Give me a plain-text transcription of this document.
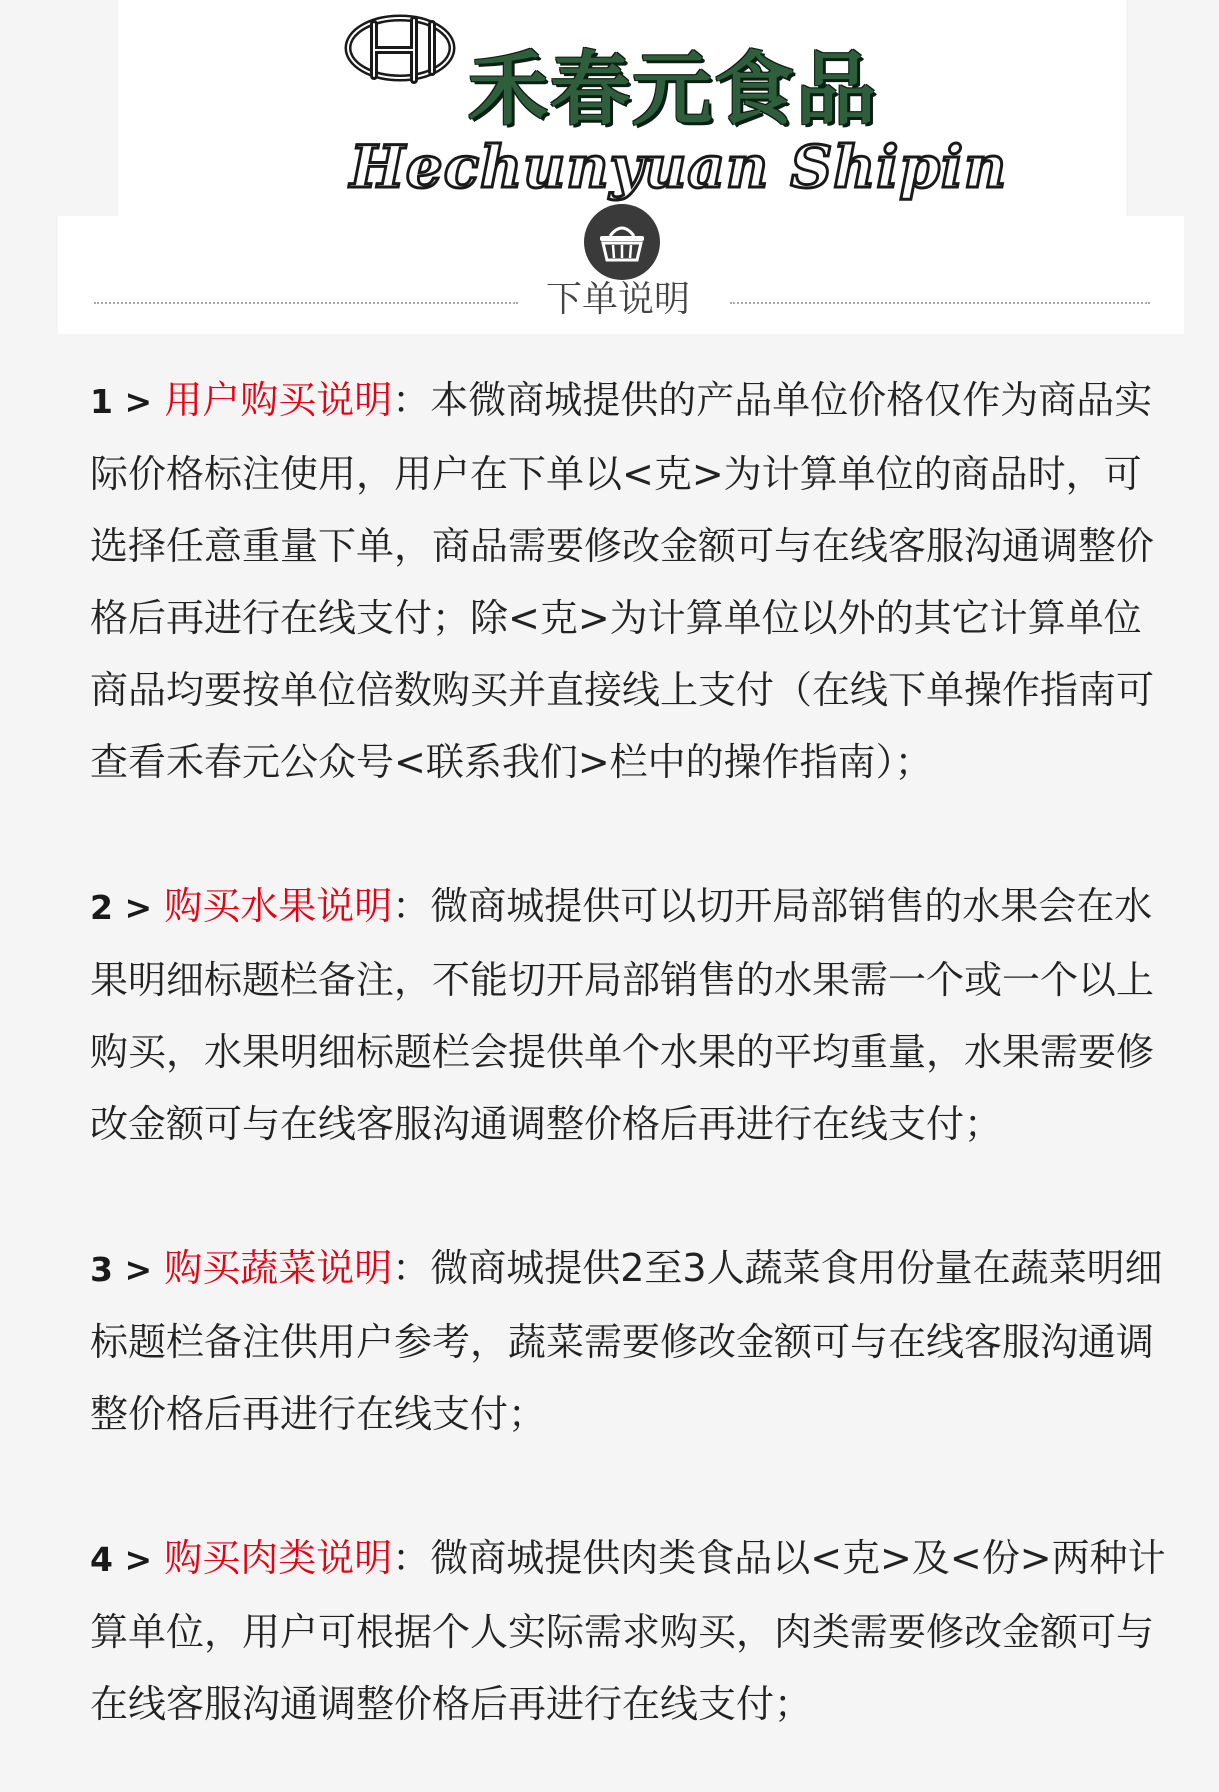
禾春元食品
Hechunyuan Shipin
下单说明

1 > 用户购买说明：本微商城提供的产品单位价格仅作为商品实际价格标注使用，用户在下单以<克>为计算单位的商品时，可选择任意重量下单，商品需要修改金额可与在线客服沟通调整价格后再进行在线支付；除<克>为计算单位以外的其它计算单位商品均要按单位倍数购买并直接线上支付（在线下单操作指南可查看禾春元公众号<联系我们>栏中的操作指南）；

2 > 购买水果说明：微商城提供可以切开局部销售的水果会在水果明细标题栏备注，不能切开局部销售的水果需一个或一个以上购买，水果明细标题栏会提供单个水果的平均重量，水果需要修改金额可与在线客服沟通调整价格后再进行在线支付；

3 > 购买蔬菜说明：微商城提供2至3人蔬菜食用份量在蔬菜明细标题栏备注供用户参考，蔬菜需要修改金额可与在线客服沟通调整价格后再进行在线支付；

4 > 购买肉类说明：微商城提供肉类食品以<克>及<份>两种计算单位，用户可根据个人实际需求购买，肉类需要修改金额可与在线客服沟通调整价格后再进行在线支付；
